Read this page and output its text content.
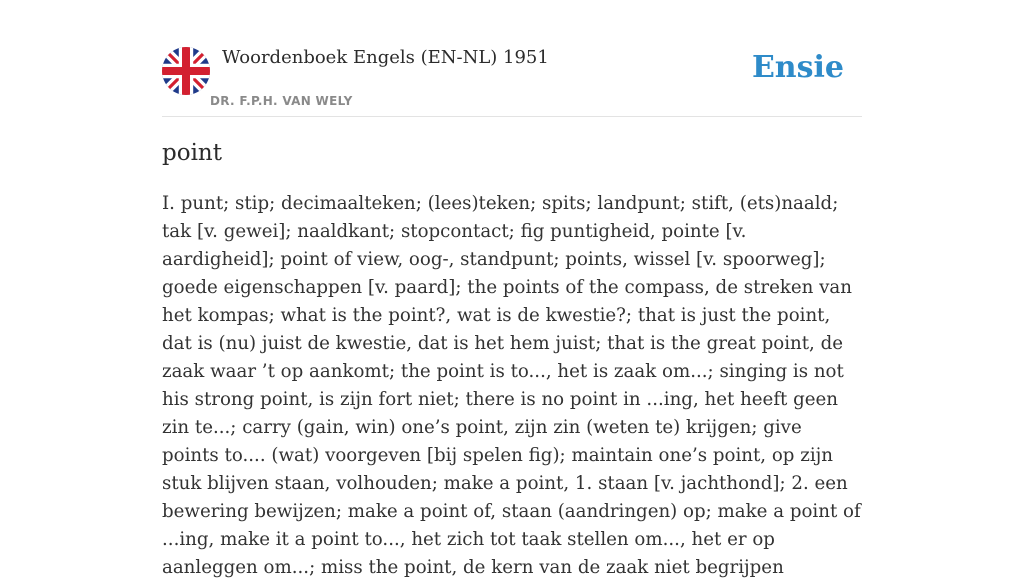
Woordenboek Engels (EN-NL) 1951
DR. F.P.H. VAN WELY
Ensie
point

I. punt; stip; decimaalteken; (lees)teken; spits; landpunt; stift, (ets)naald; tak [v. gewei]; naaldkant; stopcontact; fig puntigheid, pointe [v. aardigheid]; point of view, oog-, standpunt; points, wissel [v. spoorweg]; goede eigenschappen [v. paard]; the points of the compass, de streken van het kompas; what is the point?, wat is de kwestie?; that is just the point, dat is (nu) juist de kwestie, dat is het hem juist; that is the great point, de zaak waar ’t op aankomt; the point is to..., het is zaak om...; singing is not his strong point, is zijn fort niet; there is no point in ...ing, het heeft geen zin te...; carry (gain, win) one’s point, zijn zin (weten te) krijgen; give points to.... (wat) voorgeven [bij spelen fig); maintain one’s point, op zijn stuk blijven staan, volhouden; make a point, 1. staan [v. jachthond]; 2. een bewering bewijzen; make a point of, staan (aandringen) op; make a point of ...ing, make it a point to..., het zich tot taak stellen om..., het er op aanleggen om...; miss the point, de kern van de zaak niet begrijpen
